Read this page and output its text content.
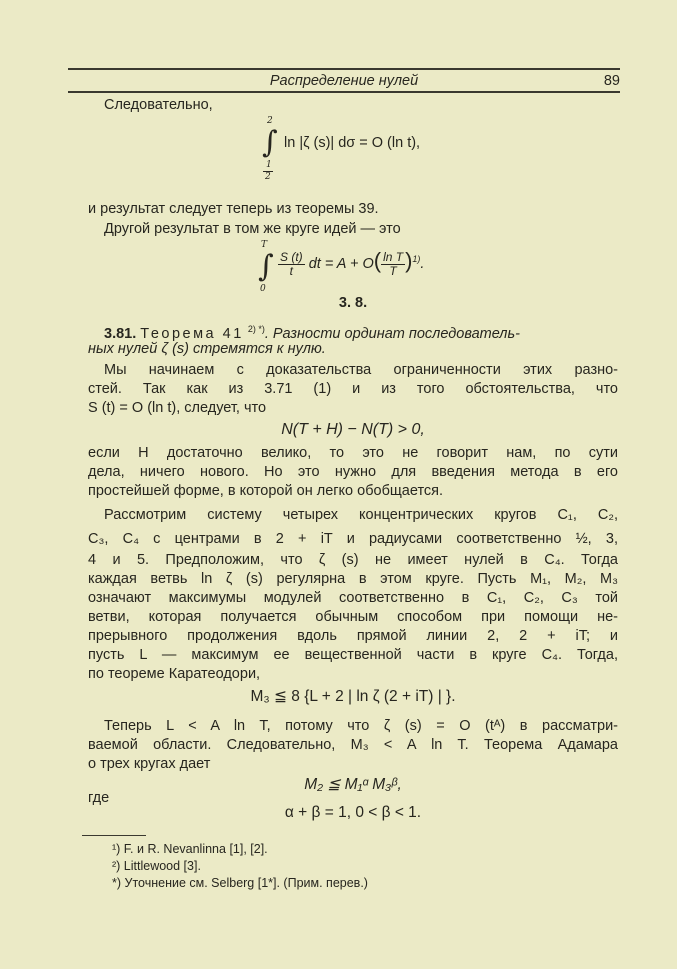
Распределение нулей	89
Следовательно,
2
∫
1
2
ln |ζ (s)| dσ = O (ln t),
и результат следует теперь из теоремы 39.
Другой результат в том же круге идей — это
T
∫
0
$\frac{S (t)}{t}$ dt = $A + O( \frac{\text{ln T}}{T} )^{1)}$.
3. 8.
3.81. Теорема 41 $^{2) *)}$. Разности ординат последователь-
ных нулей ζ (s) стремятся к нулю.
Мы начинаем с доказательства ограниченности этих разно-
стей. Так как из 3.71 (1) и из того обстоятельства, что
S (t) = O (ln t), следует, что
N(T + H) − N(T) > 0,
если H достаточно велико, то это не говорит нам, по сути
дела, ничего нового. Но это нужно для введения метода в его
простейшей форме, в которой он легко обобщается.
Рассмотрим систему четырех концентрических кругов C₁, C₂,
C₃, C₄ с центрами в 2 + iT и радиусами соответственно ½, 3,
4 и 5. Предположим, что ζ (s) не имеет нулей в C₄. Тогда
каждая ветвь ln ζ (s) регулярна в этом круге. Пусть M₁, M₂, M₃
означают максимумы модулей соответственно в C₁, C₂, C₃ той
ветви, которая получается обычным способом при помощи не-
прерывного продолжения вдоль прямой линии 2, 2 + iT; и
пусть L — максимум ее вещественной части в круге C₄. Тогда,
по теореме Каратеодори,
M₃ ≦ 8 {L + 2 | ln ζ (2 + iT) | }.
Теперь L < A ln T, потому что ζ (s) = O (tᴬ) в рассматри-
ваемой области. Следовательно, M₃ < A ln T. Теорема Адамара
о трех кругах дает
M₂ ≦ M₁ᵅ M₃ᵝ,
где
α + β = 1, 0 < β < 1.
¹) F. и R. Nevanlinna [1], [2].
²) Littlewood [3].
*) Уточнение см. Selberg [1*]. (Прим. перев.)
